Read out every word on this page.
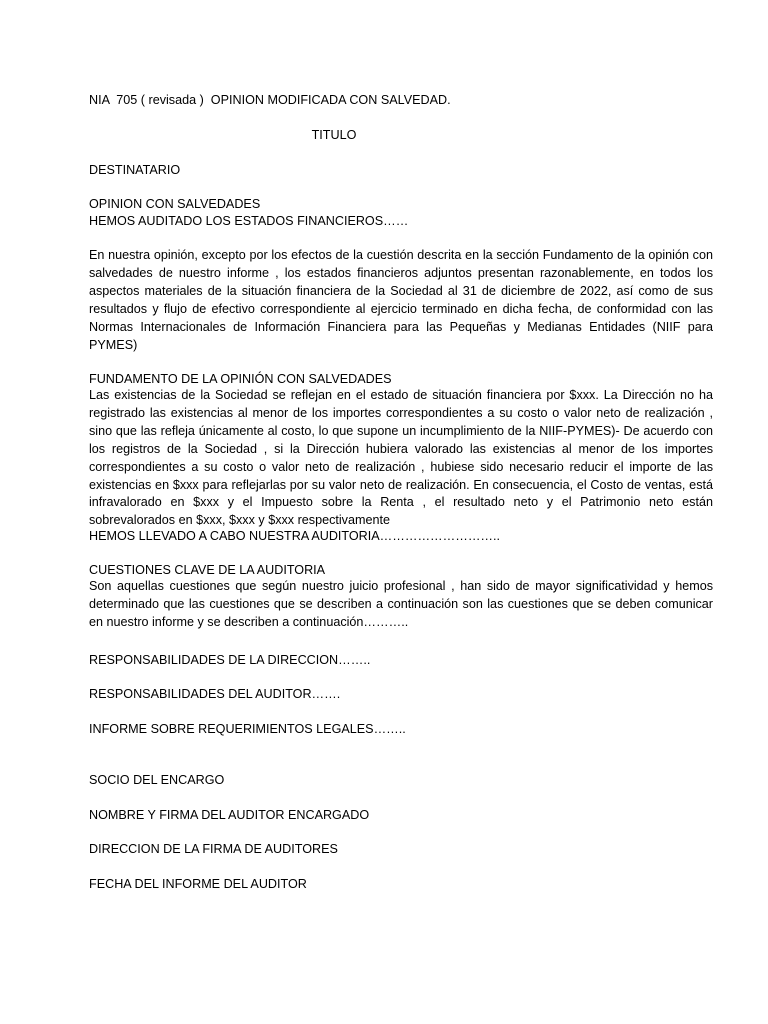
NIA  705 ( revisada )  OPINION MODIFICADA CON SALVEDAD.
TITULO
DESTINATARIO
OPINION CON SALVEDADES
HEMOS AUDITADO LOS ESTADOS FINANCIEROS……

En nuestra opinión, excepto por los efectos de la cuestión descrita en la sección Fundamento de la opinión con salvedades de nuestro informe , los estados financieros adjuntos presentan razonablemente, en todos los aspectos materiales de la situación financiera de la Sociedad al 31 de diciembre de 2022, así como de sus resultados y flujo de efectivo correspondiente al ejercicio terminado en dicha fecha, de conformidad con las Normas Internacionales de Información Financiera para las Pequeñas y Medianas Entidades (NIIF para PYMES)

FUNDAMENTO DE LA OPINIÓN CON SALVEDADES

Las existencias de la Sociedad se reflejan en el estado de situación financiera por $xxx. La Dirección no ha registrado las existencias al menor de los importes correspondientes a su costo o valor neto de realización , sino que las refleja únicamente al costo, lo que supone un incumplimiento de la NIIF-PYMES)- De acuerdo con los registros de la Sociedad , si la Dirección hubiera valorado las existencias al menor de los importes correspondientes a su costo o valor neto de realización , hubiese sido necesario reducir el importe de las existencias en $xxx para reflejarlas por su valor neto de realización. En consecuencia, el Costo de ventas, está infravalorado en $xxx y el Impuesto sobre la Renta , el resultado neto y el Patrimonio neto están sobrevalorados en $xxx, $xxx y $xxx respectivamente

HEMOS LLEVADO A CABO NUESTRA AUDITORIA………………………..
CUESTIONES CLAVE DE LA AUDITORIA

Son aquellas cuestiones que según nuestro juicio profesional , han sido de mayor significatividad y hemos determinado que las cuestiones que se describen a continuación son las cuestiones que se deben comunicar en nuestro informe y se describen a continuación………..

RESPONSABILIDADES DE LA DIRECCION……..
RESPONSABILIDADES DEL AUDITOR…….
INFORME SOBRE REQUERIMIENTOS LEGALES……..
SOCIO DEL ENCARGO
NOMBRE Y FIRMA DEL AUDITOR ENCARGADO
DIRECCION DE LA FIRMA DE AUDITORES
FECHA DEL INFORME DEL AUDITOR
